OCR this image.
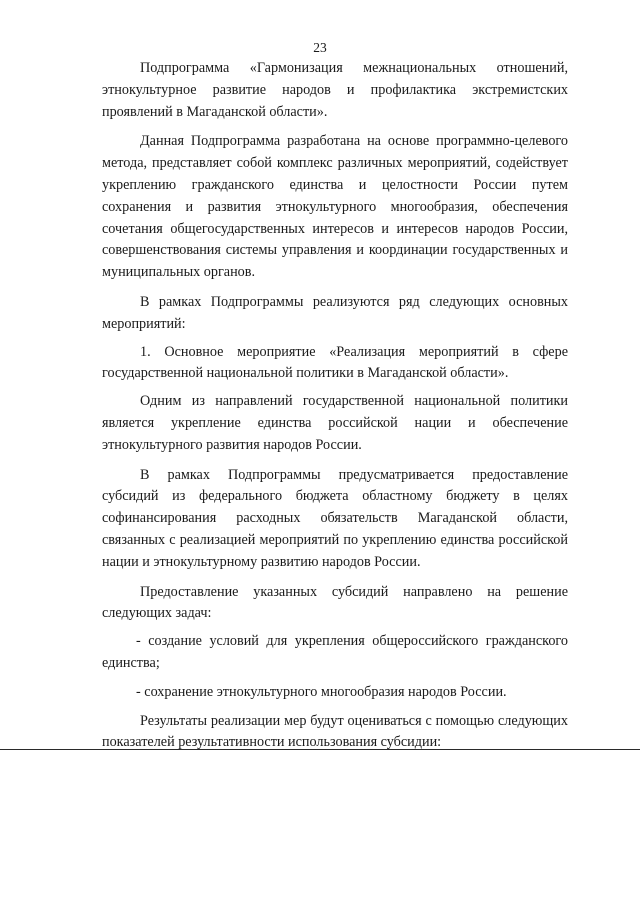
23

Подпрограмма «Гармонизация межнациональных отношений, этнокультурное развитие народов и профилактика экстремистских проявлений в Магаданской области».

Данная Подпрограмма разработана на основе программно-целевого метода, представляет собой комплекс различных мероприятий, содействует укреплению гражданского единства и целостности России путем сохранения и развития этнокультурного многообразия, обеспечения сочетания общегосударственных интересов и интересов народов России, совершенствования системы управления и координации государственных и муниципальных органов.

В рамках Подпрограммы реализуются ряд следующих основных мероприятий:

1. Основное мероприятие «Реализация мероприятий в сфере государственной национальной политики в Магаданской области».

Одним из направлений государственной национальной политики является укрепление единства российской нации и обеспечение этнокультурного развития народов России.

В рамках Подпрограммы предусматривается предоставление субсидий из федерального бюджета областному бюджету в целях софинансирования расходных обязательств Магаданской области, связанных с реализацией мероприятий по укреплению единства российской нации и этнокультурному развитию народов России.

Предоставление указанных субсидий направлено на решение следующих задач:

- создание условий для укрепления общероссийского гражданского единства;

- сохранение этнокультурного многообразия народов России.

Результаты реализации мер будут оцениваться с помощью следующих показателей результативности использования субсидии:
